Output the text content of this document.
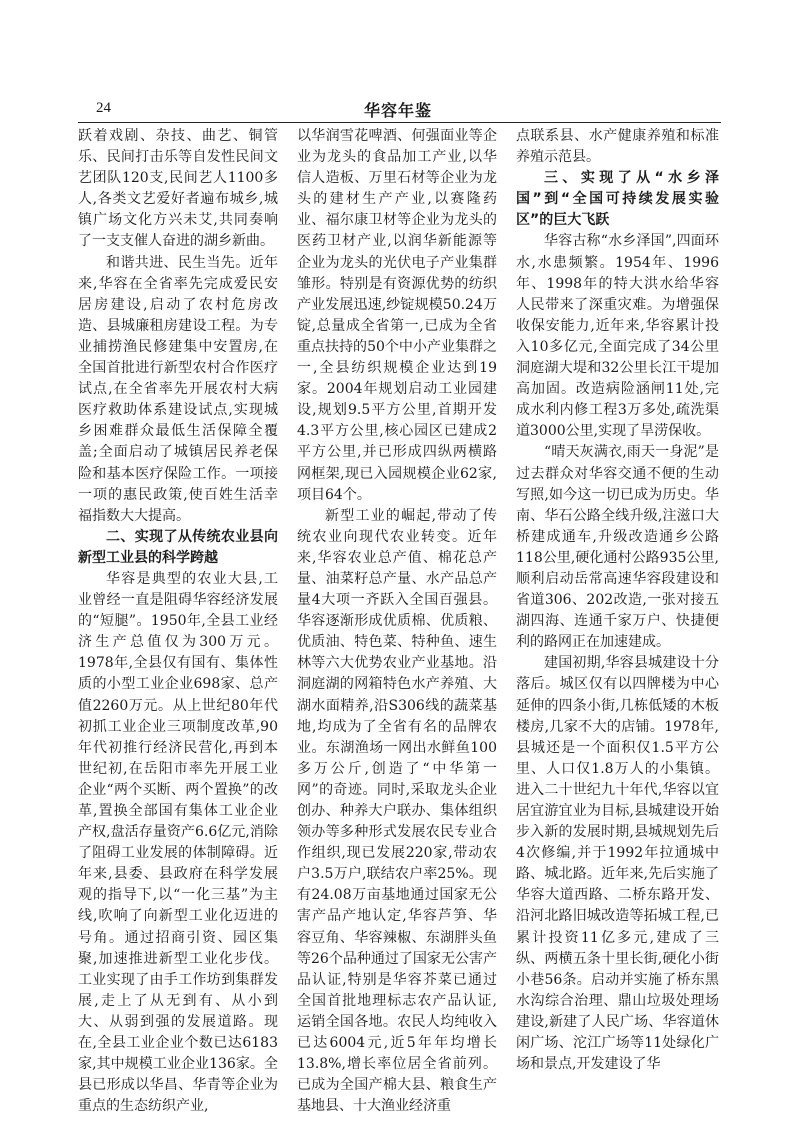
24	华容年鉴

跃着戏剧、杂技、曲艺、铜管乐、民间打击乐等自发性民间文艺团队120支,民间艺人1100多人,各类文艺爱好者遍布城乡,城镇广场文化方兴未艾,共同奏响了一支支催人奋进的湖乡新曲。

和谐共进、民生当先。近年来,华容在全省率先完成爱民安居房建设,启动了农村危房改造、县城廉租房建设工程。为专业捕捞渔民修建集中安置房,在全国首批进行新型农村合作医疗试点,在全省率先开展农村大病医疗救助体系建设试点,实现城乡困难群众最低生活保障全覆盖;全面启动了城镇居民养老保险和基本医疗保险工作。一项接一项的惠民政策,使百姓生活幸福指数大大提高。

二、实现了从传统农业县向新型工业县的科学跨越

华容是典型的农业大县,工业曾经一直是阻碍华容经济发展的“短腿”。1950年,全县工业经济生产总值仅为300万元。1978年,全县仅有国有、集体性质的小型工业企业698家、总产值2260万元。从上世纪80年代初抓工业企业三项制度改革,90年代初推行经济民营化,再到本世纪初,在岳阳市率先开展工业企业“两个买断、两个置换”的改革,置换全部国有集体工业企业产权,盘活存量资产6.6亿元,消除了阻碍工业发展的体制障碍。近年来,县委、县政府在科学发展观的指导下,以“一化三基”为主线,吹响了向新型工业化迈进的号角。通过招商引资、园区集聚,加速推进新型工业化步伐。工业实现了由手工作坊到集群发展,走上了从无到有、从小到大、从弱到强的发展道路。现在,全县工业企业个数已达6183家,其中规模工业企业136家。全县已形成以华昌、华青等企业为重点的生态纺织产业,

以华润雪花啤酒、何强面业等企业为龙头的食品加工产业,以华信人造板、万里石材等企业为龙头的建材生产产业,以赛隆药业、福尔康卫材等企业为龙头的医药卫材产业,以润华新能源等企业为龙头的光伏电子产业集群雏形。特别是有资源优势的纺织产业发展迅速,纱锭规模50.24万锭,总量成全省第一,已成为全省重点扶持的50个中小产业集群之一,全县纺织规模企业达到19家。2004年规划启动工业园建设,规划9.5平方公里,首期开发4.3平方公里,核心园区已建成2平方公里,并已形成四纵两横路网框架,现已入园规模企业62家,项目64个。

新型工业的崛起,带动了传统农业向现代农业转变。近年来,华容农业总产值、棉花总产量、油菜籽总产量、水产品总产量4大项一齐跃入全国百强县。华容逐渐形成优质棉、优质粮、优质油、特色菜、特种鱼、速生林等六大优势农业产业基地。沿洞庭湖的网箱特色水产养殖、大湖水面精养,沿S306线的蔬菜基地,均成为了全省有名的品牌农业。东湖渔场一网出水鲜鱼100多万公斤,创造了“中华第一网”的奇迹。同时,采取龙头企业创办、种养大户联办、集体组织领办等多种形式发展农民专业合作组织,现已发展220家,带动农户3.5万户,联结农户率25%。现有24.08万亩基地通过国家无公害产品产地认定,华容芦笋、华容豆角、华容辣椒、东湖胖头鱼等26个品种通过了国家无公害产品认证,特别是华容芥菜已通过全国首批地理标志农产品认证,运销全国各地。农民人均纯收入已达6004元,近5年年均增长13.8%,增长率位居全省前列。已成为全国产棉大县、粮食生产基地县、十大渔业经济重

点联系县、水产健康养殖和标准养殖示范县。

三、实现了从“水乡泽国”到“全国可持续发展实验区”的巨大飞跃

华容古称“水乡泽国”,四面环水,水患频繁。1954年、1996年、1998年的特大洪水给华容人民带来了深重灾难。为增强保收保安能力,近年来,华容累计投入10多亿元,全面完成了34公里洞庭湖大堤和32公里长江干堤加高加固。改造病险涵闸11处,完成水利内修工程3万多处,疏洗渠道3000公里,实现了旱涝保收。

“晴天灰满衣,雨天一身泥”是过去群众对华容交通不便的生动写照,如今这一切已成为历史。华南、华石公路全线升级,注滋口大桥建成通车,升级改造通乡公路118公里,硬化通村公路935公里,顺利启动岳常高速华容段建设和省道306、202改造,一张对接五湖四海、连通千家万户、快捷便利的路网正在加速建成。

建国初期,华容县城建设十分落后。城区仅有以四牌楼为中心延伸的四条小街,几栋低矮的木板楼房,几家不大的店铺。1978年,县城还是一个面积仅1.5平方公里、人口仅1.8万人的小集镇。进入二十世纪九十年代,华容以宜居宜游宜业为目标,县城建设开始步入新的发展时期,县城规划先后4次修编,并于1992年拉通城中路、城北路。近年来,先后实施了华容大道西路、二桥东路开发、沿河北路旧城改造等拓城工程,已累计投资11亿多元,建成了三纵、两横五条十里长街,硬化小街小巷56条。启动并实施了桥东黑水沟综合治理、鼎山垃圾处理场建设,新建了人民广场、华容道休闲广场、沱江广场等11处绿化广场和景点,开发建设了华
